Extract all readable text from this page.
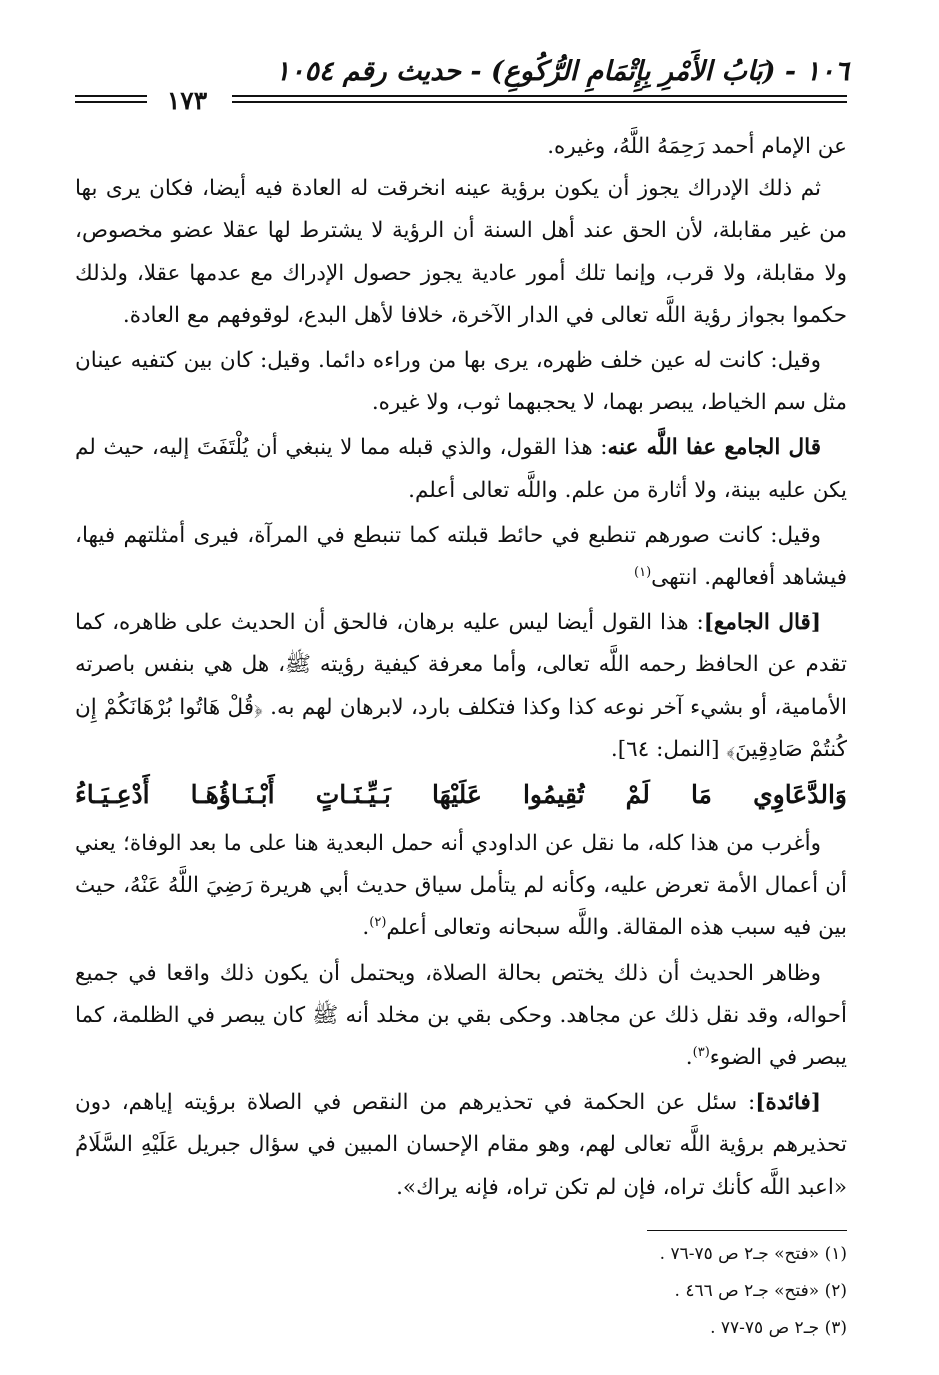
١٠٦ - (بَابُ الأَمْرِ بِإِتْمَامِ الرُّكُوعِ) - حديث رقم ١٠٥٤
١٧٣

عن الإمام أحمد رَحِمَهُ اللَّهُ، وغيره.

ثم ذلك الإدراك يجوز أن يكون برؤية عينه انخرقت له العادة فيه أيضا، فكان يرى بها من غير مقابلة، لأن الحق عند أهل السنة أن الرؤية لا يشترط لها عقلا عضو مخصوص، ولا مقابلة، ولا قرب، وإنما تلك أمور عادية يجوز حصول الإدراك مع عدمها عقلا، ولذلك حكموا بجواز رؤية اللَّه تعالى في الدار الآخرة، خلافا لأهل البدع، لوقوفهم مع العادة.

وقيل: كانت له عين خلف ظهره، يرى بها من وراءه دائما. وقيل: كان بين كتفيه عينان مثل سم الخياط، يبصر بهما، لا يحجبهما ثوب، ولا غيره.

قال الجامع عفا اللَّه عنه: هذا القول، والذي قبله مما لا ينبغي أن يُلْتَفَتَ إليه، حيث لم يكن عليه بينة، ولا أثارة من علم. واللَّه تعالى أعلم.

وقيل: كانت صورهم تنطبع في حائط قبلته كما تنبطع في المرآة، فيرى أمثلتهم فيها، فيشاهد أفعالهم. انتهى$^{(١)}$

[قال الجامع]: هذا القول أيضا ليس عليه برهان، فالحق أن الحديث على ظاهره، كما تقدم عن الحافظ رحمه اللَّه تعالى، وأما معرفة كيفية رؤيته ﷺ، هل هي بنفس باصرته الأمامية، أو بشيء آخر نوعه كذا وكذا فتكلف بارد، لابرهان لهم به. ﴿قُلْ هَاتُوا بُرْهَانَكُمْ إِن كُنتُمْ صَادِقِينَ﴾ [النمل: ٦٤].

وَالدَّعَاوِي مَا لَمْ تُقِيمُوا عَلَيْهَا بَـيِّـنَـاتٍ أَبْـنَـاؤُهَـا أَدْعِـيَـاءُ

وأغرب من هذا كله، ما نقل عن الداودي أنه حمل البعدية هنا على ما بعد الوفاة؛ يعني أن أعمال الأمة تعرض عليه، وكأنه لم يتأمل سياق حديث أبي هريرة رَضِيَ اللَّهُ عَنْهُ، حيث بين فيه سبب هذه المقالة. واللَّه سبحانه وتعالى أعلم$^{(٢)}$.

وظاهر الحديث أن ذلك يختص بحالة الصلاة، ويحتمل أن يكون ذلك واقعا في جميع أحواله، وقد نقل ذلك عن مجاهد. وحكى بقي بن مخلد أنه ﷺ كان يبصر في الظلمة، كما يبصر في الضوء$^{(٣)}$.

[فائدة]: سئل عن الحكمة في تحذيرهم من النقص في الصلاة برؤيته إياهم، دون تحذيرهم برؤية اللَّه تعالى لهم، وهو مقام الإحسان المبين في سؤال جبريل عَلَيْهِ السَّلَامُ «اعبد اللَّه كأنك تراه، فإن لم تكن تراه، فإنه يراك».

(١) «فتح» جـ٢ ص ٧٥-٧٦ .
(٢) «فتح» جـ٢ ص ٤٦٦ .
(٣) جـ٢ ص ٧٥-٧٧ .
